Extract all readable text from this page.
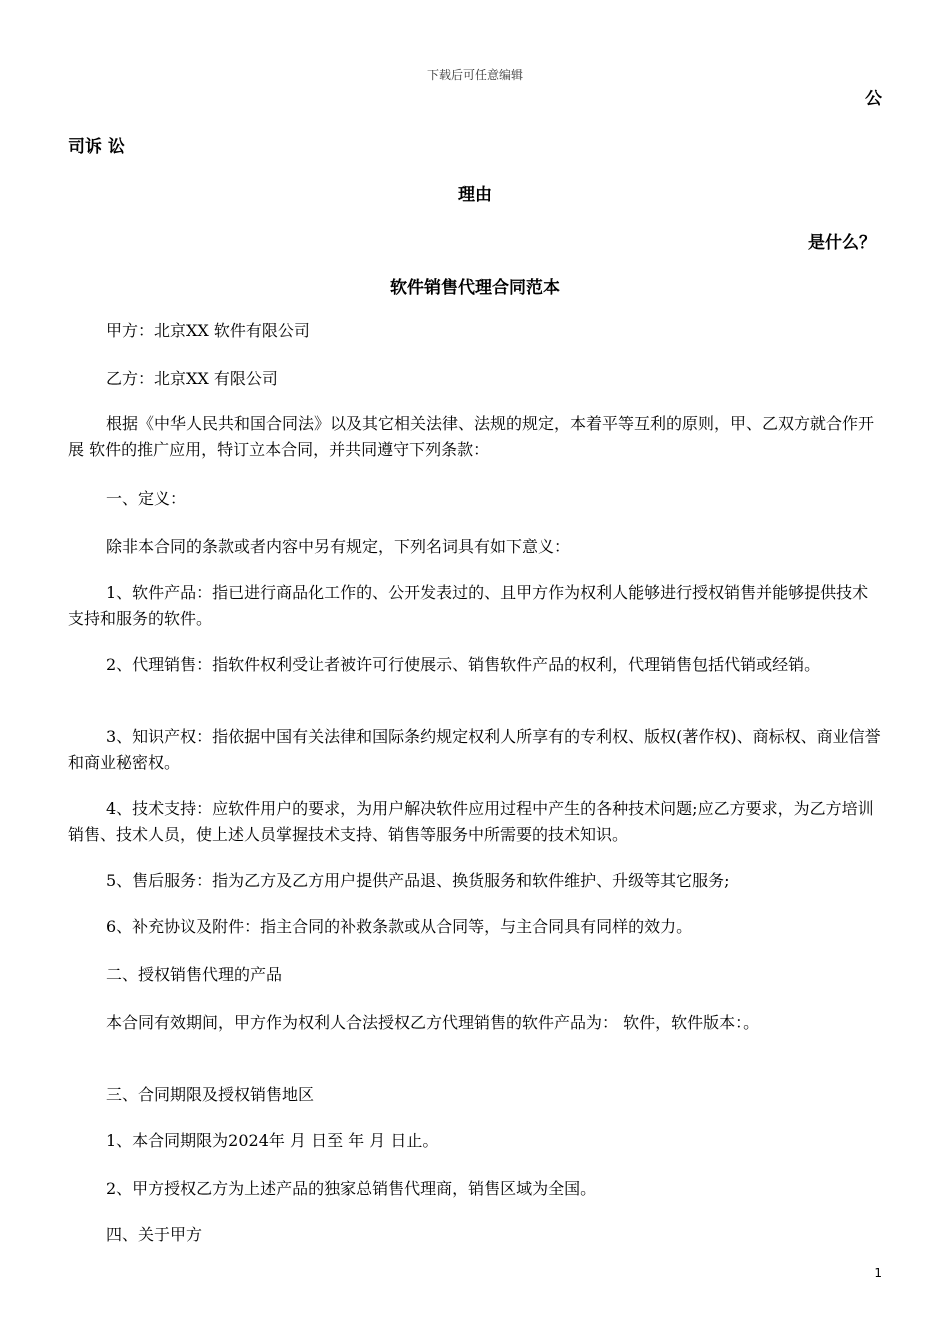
下载后可任意编辑
公
司诉 讼
理由
是什么？
软件销售代理合同范本
甲方：北京XX 软件有限公司
乙方：北京XX 有限公司
根据《中华人民共和国合同法》以及其它相关法律、法规的规定，本着平等互利的原则，甲、乙双方就合作开展 软件的推广应用，特订立本合同，并共同遵守下列条款：
一、定义：
除非本合同的条款或者内容中另有规定，下列名词具有如下意义：
1、软件产品：指已进行商品化工作的、公开发表过的、且甲方作为权利人能够进行授权销售并能够提供技术支持和服务的软件。
2、代理销售：指软件权利受让者被许可行使展示、销售软件产品的权利，代理销售包括代销或经销。
3、知识产权：指依据中国有关法律和国际条约规定权利人所享有的专利权、版权(著作权)、商标权、商业信誉和商业秘密权。
4、技术支持：应软件用户的要求，为用户解决软件应用过程中产生的各种技术问题;应乙方要求，为乙方培训销售、技术人员，使上述人员掌握技术支持、销售等服务中所需要的技术知识。
5、售后服务：指为乙方及乙方用户提供产品退、换货服务和软件维护、升级等其它服务;
6、补充协议及附件：指主合同的补救条款或从合同等，与主合同具有同样的效力。
二、授权销售代理的产品
本合同有效期间，甲方作为权利人合法授权乙方代理销售的软件产品为： 软件，软件版本：。
三、合同期限及授权销售地区
1、本合同期限为2024年 月 日至 年 月 日止。
2、甲方授权乙方为上述产品的独家总销售代理商，销售区域为全国。
四、关于甲方
1
